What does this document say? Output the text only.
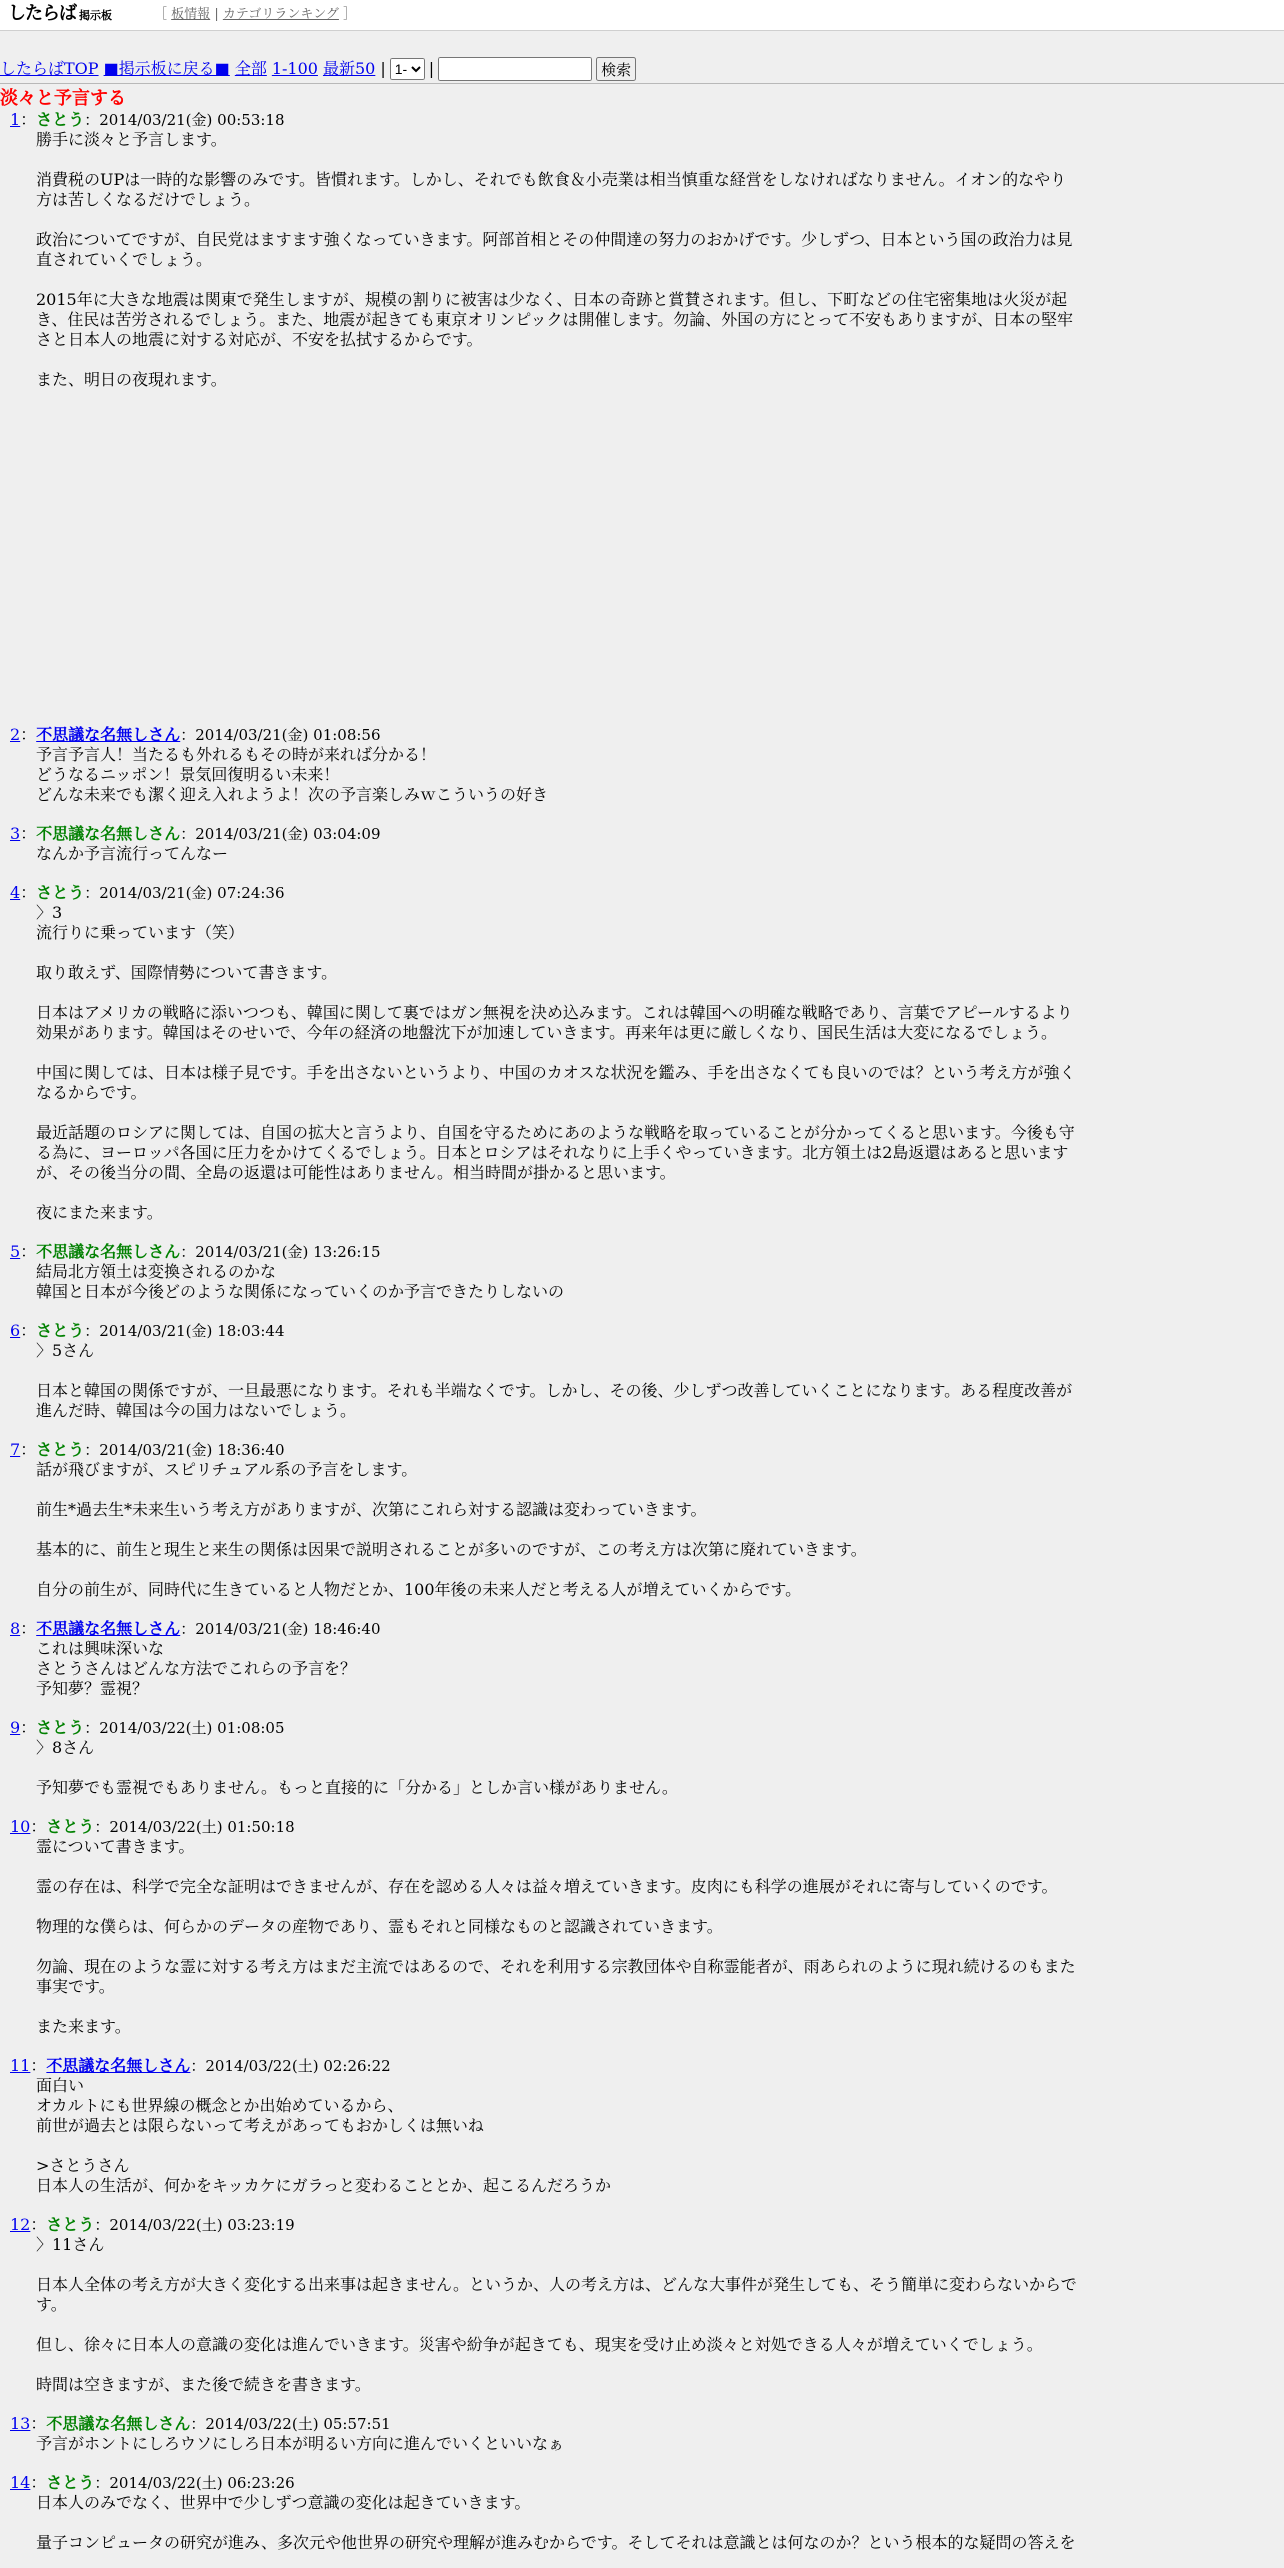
したらば 掲示板	［ 板情報 | カテゴリランキング ］
したらばTOP ■掲示板に戻る■ 全部 1-100 最新50 |
1-	|	検索
淡々と予言する
1：さとう：2014/03/21(金) 00:53:18
勝手に淡々と予言します。

消費税のUPは一時的な影響のみです。皆慣れます。しかし、それでも飲食＆小売業は相当慎重な経営をしなければなりません。イオン的なやり方は苦しくなるだけでしょう。

政治についてですが、自民党はますます強くなっていきます。阿部首相とその仲間達の努力のおかげです。少しずつ、日本という国の政治力は見直されていくでしょう。

2015年に大きな地震は関東で発生しますが、規模の割りに被害は少なく、日本の奇跡と賞賛されます。但し、下町などの住宅密集地は火災が起き、住民は苦労されるでしょう。また、地震が起きても東京オリンピックは開催します。勿論、外国の方にとって不安もありますが、日本の堅牢さと日本人の地震に対する対応が、不安を払拭するからです。

また、明日の夜現れます。
2：不思議な名無しさん：2014/03/21(金) 01:08:56
予言予言人！当たるも外れるもその時が来れば分かる！
どうなるニッポン！景気回復明るい未来！
どんな未来でも潔く迎え入れようよ！次の予言楽しみｗこういうの好き
3：不思議な名無しさん：2014/03/21(金) 03:04:09
なんか予言流行ってんなー
4：さとう：2014/03/21(金) 07:24:36
〉3
流行りに乗っています（笑）

取り敢えず、国際情勢について書きます。

日本はアメリカの戦略に添いつつも、韓国に関して裏ではガン無視を決め込みます。これは韓国への明確な戦略であり、言葉でアピールするより効果があります。韓国はそのせいで、今年の経済の地盤沈下が加速していきます。再来年は更に厳しくなり、国民生活は大変になるでしょう。

中国に関しては、日本は様子見です。手を出さないというより、中国のカオスな状況を鑑み、手を出さなくても良いのでは？という考え方が強くなるからです。

最近話題のロシアに関しては、自国の拡大と言うより、自国を守るためにあのような戦略を取っていることが分かってくると思います。今後も守る為に、ヨーロッパ各国に圧力をかけてくるでしょう。日本とロシアはそれなりに上手くやっていきます。北方領土は2島返還はあると思いますが、その後当分の間、全島の返還は可能性はありません。相当時間が掛かると思います。

夜にまた来ます。
5：不思議な名無しさん：2014/03/21(金) 13:26:15
結局北方領土は変換されるのかな
韓国と日本が今後どのような関係になっていくのか予言できたりしないの
6：さとう：2014/03/21(金) 18:03:44
〉5さん

日本と韓国の関係ですが、一旦最悪になります。それも半端なくです。しかし、その後、少しずつ改善していくことになります。ある程度改善が進んだ時、韓国は今の国力はないでしょう。
7：さとう：2014/03/21(金) 18:36:40
話が飛びますが、スピリチュアル系の予言をします。

前生*過去生*未来生いう考え方がありますが、次第にこれら対する認識は変わっていきます。

基本的に、前生と現生と来生の関係は因果で説明されることが多いのですが、この考え方は次第に廃れていきます。

自分の前生が、同時代に生きていると人物だとか、100年後の未来人だと考える人が増えていくからです。
8：不思議な名無しさん：2014/03/21(金) 18:46:40
これは興味深いな
さとうさんはどんな方法でこれらの予言を？
予知夢？霊視？
9：さとう：2014/03/22(土) 01:08:05
〉8さん

予知夢でも霊視でもありません。もっと直接的に「分かる」としか言い様がありません。
10：さとう：2014/03/22(土) 01:50:18
霊について書きます。

霊の存在は、科学で完全な証明はできませんが、存在を認める人々は益々増えていきます。皮肉にも科学の進展がそれに寄与していくのです。

物理的な僕らは、何らかのデータの産物であり、霊もそれと同様なものと認識されていきます。

勿論、現在のような霊に対する考え方はまだ主流ではあるので、それを利用する宗教団体や自称霊能者が、雨あられのように現れ続けるのもまた事実です。

また来ます。
11：不思議な名無しさん：2014/03/22(土) 02:26:22
面白い
オカルトにも世界線の概念とか出始めているから、
前世が過去とは限らないって考えがあってもおかしくは無いね

>さとうさん
日本人の生活が、何かをキッカケにガラっと変わることとか、起こるんだろうか
12：さとう：2014/03/22(土) 03:23:19
〉11さん

日本人全体の考え方が大きく変化する出来事は起きません。というか、人の考え方は、どんな大事件が発生しても、そう簡単に変わらないからです。

但し、徐々に日本人の意識の変化は進んでいきます。災害や紛争が起きても、現実を受け止め淡々と対処できる人々が増えていくでしょう。

時間は空きますが、また後で続きを書きます。
13：不思議な名無しさん：2014/03/22(土) 05:57:51
予言がホントにしろウソにしろ日本が明るい方向に進んでいくといいなぁ
14：さとう：2014/03/22(土) 06:23:26
日本人のみでなく、世界中で少しずつ意識の変化は起きていきます。

量子コンピュータの研究が進み、多次元や他世界の研究や理解が進みむからです。そしてそれは意識とは何なのか？という根本的な疑問の答えを
